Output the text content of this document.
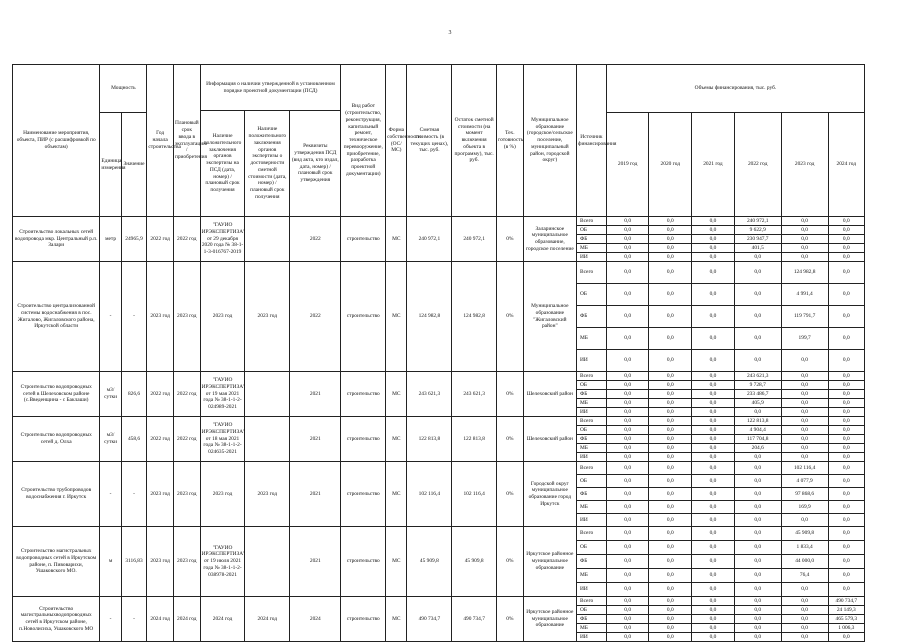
3
Наименование мероприятия, объекта, ПИР (с расшифровкой по объектам)	Мощность		Год начала строительства	Плановый срок ввода в эксплуатацию / приобретения	Информация о наличии утвержденной в установленном порядке проектной документации (ПСД)			Вид работ (строительство, реконструкция, капитальный ремонт, техническое перевооружение, приобретение, разработка проектной документации)	Форма собственности (ОС/ МС)	Сметная стоимость (в текущих ценах), тыс. руб.	Остаток сметной стоимости (на момент включения объекта в программу), тыс. руб.	Тех. готовность (в %)	Муниципальное образование (городское/сельское поселение, муниципальный район, городской округ)	Источник финансирования	Объемы финансирования, тыс. руб.					
					Наличие положительного заключения органов экспертизы на ПСД (дата, номер) / плановый срок получения	Наличие положительного заключения органов экспертизы о достоверности сметной стоимости (дата, номер) / плановый срок получения	Реквизиты утверждения ПСД (вид акта, кто издал, дата, номер) / плановый срок утверждения													
	Единица измерения	Значение													2019 год	2020 год	2021 год	2022 год	2023 год	2024 год
Строительство локальных сетей водопровода мкр. Центральный р.п. Залари	метр	24965,9	2022 год	2022 год	"ГАУИО ИРЭКСПЕРТИЗА" от 29 декабря 2020 года № 38-1-1-3-016767-2019		2022	строительство	МС	240 972,1	240 972,1	0%	Заларинское муниципальное образование, городское поселение	Всего	0,0	0,0	0,0	240 972,1	0,0	0,0
														ОБ	0,0	0,0	0,0	9 622,9	0,0	0,0
														ФБ	0,0	0,0	0,0	230 947,7	0,0	0,0
														МБ	0,0	0,0	0,0	401,5	0,0	0,0
														ИИ	0,0	0,0	0,0	0,0	0,0	0,0
Строительство централизованной системы водоснабжения в пос. Жигалово, Жигаловского района, Иркутской области	-	-	2023 год	2023 год	2023 год	2023 год	2022	строительство	МС	124 982,8	124 982,8	0%	Муниципальное образование "Жигаловский район"	Всего	0,0	0,0	0,0	0,0	124 982,8	0,0
														ОБ	0,0	0,0	0,0	0,0	4 991,4	0,0
														ФБ	0,0	0,0	0,0	0,0	119 791,7	0,0
														МБ	0,0	0,0	0,0	0,0	199,7	0,0
														ИИ	0,0	0,0	0,0	0,0	0,0	0,0
Строительство водопроводных сетей в Шелеховском районе (с.Введенщина - с Баклаши)	м3/сутки	826,6	2022 год	2022 год	"ГАУИО ИРЭКСПЕРТИЗА" от 19 мая 2021 года № 38-1-1-2-024989-2021		2021	строительство	МС	243 621,3	243 621,3	0%	Шелеховский район	Всего	0,0	0,0	0,0	243 621,3	0,0	0,0
														ОБ	0,0	0,0	0,0	9 728,7	0,0	0,0
														ФБ	0,0	0,0	0,0	233 486,7	0,0	0,0
														МБ	0,0	0,0	0,0	405,9	0,0	0,0
														ИИ	0,0	0,0	0,0	0,0	0,0	0,0
Строительство водопроводных сетей д. Олха	м3/сутки	458,6	2022 год	2022 год	"ГАУИО ИРЭКСПЕРТИЗА" от 18 мая 2021 года № 38-1-1-2-024635-2021		2021	строительство	МС	122 813,8	122 813,8	0%	Шелеховский район	Всего	0,0	0,0	0,0	122 813,8	0,0	0,0
														ОБ	0,0	0,0	0,0	4 904,4	0,0	0,0
														ФБ	0,0	0,0	0,0	117 704,8	0,0	0,0
														МБ	0,0	0,0	0,0	204,6	0,0	0,0
														ИИ	0,0	0,0	0,0	0,0	0,0	0,0
Строительство трубопроводов водоснабжения г. Иркутск	-	-	2023 год	2023 год	2023 год	2023 год	2021	строительство	МС	102 116,4	102 116,4	0%	Городской округ муниципальное образование город Иркутск	Всего	0,0	0,0	0,0	0,0	102 116,4	0,0
														ОБ	0,0	0,0	0,0	0,0	4 077,9	0,0
														ФБ	0,0	0,0	0,0	0,0	97 868,6	0,0
														МБ	0,0	0,0	0,0	0,0	169,9	0,0
														ИИ	0,0	0,0	0,0	0,0	0,0	0,0
Строительство магистральных водопроводных сетей в Иркутском районе, п. Пивоварихи, Ушаковского МО.	м	3116,83	2023 год	2023 год	"ГАУИО ИРЭКСПЕРТИЗА" от 19 июля 2021 года № 38-1-1-2-038978-2021		2021	строительство	МС	45 909,8	45 909,8	0%	Иркутское районное муниципальное образование	Всего	0,0	0,0	0,0	0,0	45 909,8	0,0
														ОБ	0,0	0,0	0,0	0,0	1 833,4	0,0
														ФБ	0,0	0,0	0,0	0,0	44 000,0	0,0
														МБ	0,0	0,0	0,0	0,0	76,4	0,0
														ИИ	0,0	0,0	0,0	0,0	0,0	0,0
Строительство магистральныхводопроводных сетей в Иркутском районе, п.Новолисиха, Ушаковского МО	-	-	2024 год	2024 год	2024 год	2024 год	2024	строительство	МС	490 734,7	490 734,7	0%	Иркутское районное муниципальное образование	Всего	0,0	0,0	0,0	0,0	0,0	490 734,7
														ОБ	0,0	0,0	0,0	0,0	0,0	24 149,3
														ФБ	0,0	0,0	0,0	0,0	0,0	465 579,3
														МБ	0,0	0,0	0,0	0,0	0,0	1 006,3
														ИИ	0,0	0,0	0,0	0,0	0,0	0,0
